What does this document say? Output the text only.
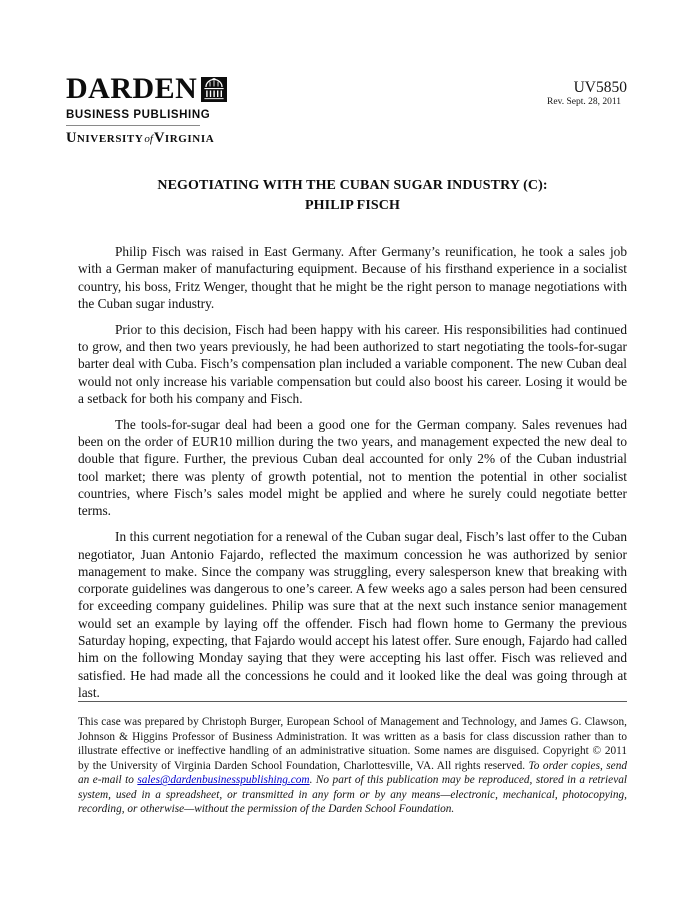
DARDEN
BUSINESS PUBLISHING
UNIVERSITYofVIRGINIA
UV5850
Rev. Sept. 28, 2011
NEGOTIATING WITH THE CUBAN SUGAR INDUSTRY (C):
PHILIP FISCH

Philip Fisch was raised in East Germany. After Germany’s reunification, he took a sales job with a German maker of manufacturing equipment. Because of his firsthand experience in a socialist country, his boss, Fritz Wenger, thought that he might be the right person to manage negotiations with the Cuban sugar industry.

Prior to this decision, Fisch had been happy with his career. His responsibilities had continued to grow, and then two years previously, he had been authorized to start negotiating the tools-for-sugar barter deal with Cuba. Fisch’s compensation plan included a variable component. The new Cuban deal would not only increase his variable compensation but could also boost his career. Losing it would be a setback for both his company and Fisch.

The tools-for-sugar deal had been a good one for the German company. Sales revenues had been on the order of EUR10 million during the two years, and management expected the new deal to double that figure. Further, the previous Cuban deal accounted for only 2% of the Cuban industrial tool market; there was plenty of growth potential, not to mention the potential in other socialist countries, where Fisch’s sales model might be applied and where he surely could negotiate better terms.

In this current negotiation for a renewal of the Cuban sugar deal, Fisch’s last offer to the Cuban negotiator, Juan Antonio Fajardo, reflected the maximum concession he was authorized by senior management to make. Since the company was struggling, every salesperson knew that breaking with corporate guidelines was dangerous to one’s career. A few weeks ago a sales person had been censured for exceeding company guidelines. Philip was sure that at the next such instance senior management would set an example by laying off the offender. Fisch had flown home to Germany the previous Saturday hoping, expecting, that Fajardo would accept his latest offer. Sure enough, Fajardo had called him on the following Monday saying that they were accepting his last offer. Fisch was relieved and satisfied. He had made all the concessions he could and it looked like the deal was going through at last.

This case was prepared by Christoph Burger, European School of Management and Technology, and James G. Clawson, Johnson & Higgins Professor of Business Administration. It was written as a basis for class discussion rather than to illustrate effective or ineffective handling of an administrative situation. Some names are disguised. Copyright © 2011 by the University of Virginia Darden School Foundation, Charlottesville, VA. All rights reserved. To order copies, send an e-mail to sales@dardenbusinesspublishing.com. No part of this publication may be reproduced, stored in a retrieval system, used in a spreadsheet, or transmitted in any form or by any means—electronic, mechanical, photocopying, recording, or otherwise—without the permission of the Darden School Foundation.
